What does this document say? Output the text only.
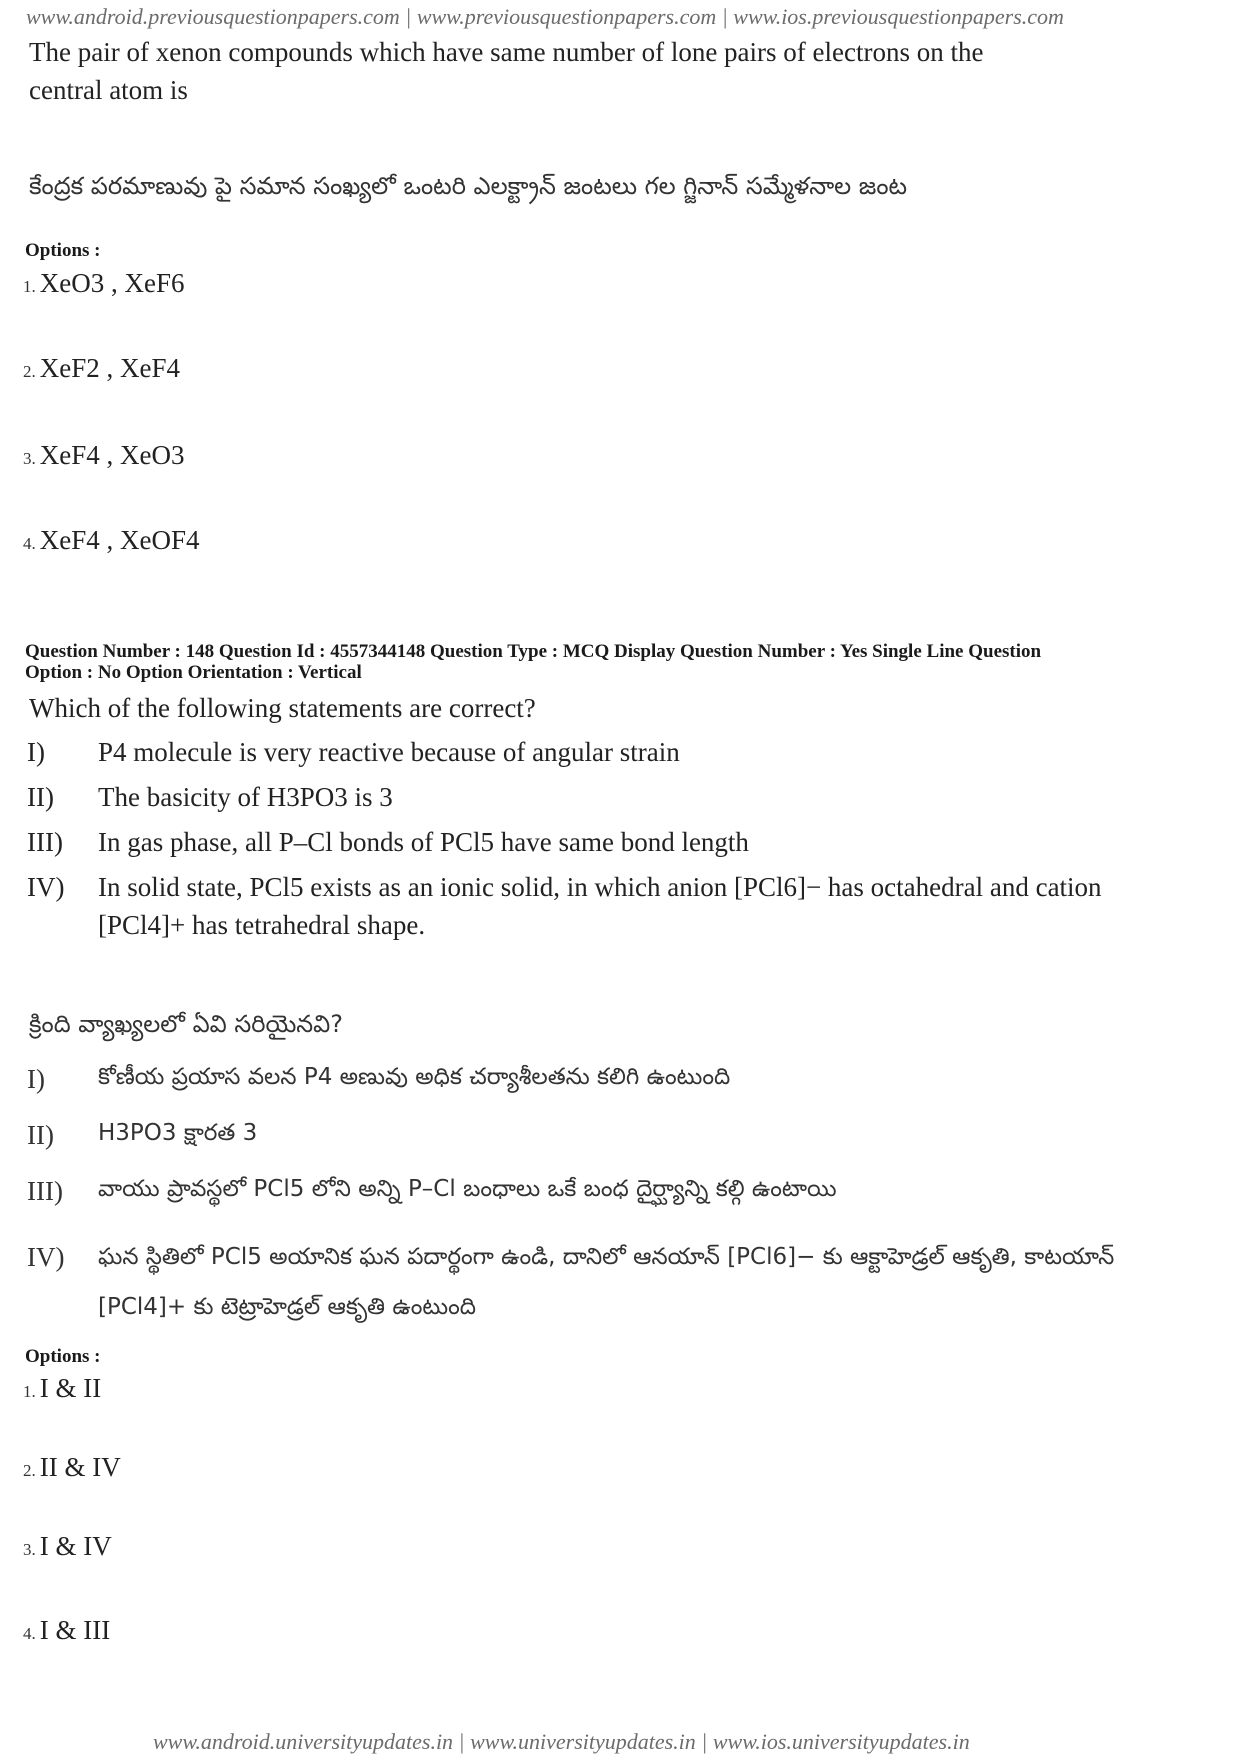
www.android.previousquestionpapers.com | www.previousquestionpapers.com | www.ios.previousquestionpapers.com
The pair of xenon compounds which have same number of lone pairs of electrons on the
central atom is
కేంద్రక పరమాణువు పై సమాన సంఖ్యలో ఒంటరి ఎలక్ట్రాన్ జంటలు గల గ్జినాన్ సమ్మేళనాల జంట
Options :
1. XeO3 , XeF6
2. XeF2 , XeF4
3. XeF4 , XeO3
4. XeF4 , XeOF4
Question Number : 148 Question Id : 4557344148 Question Type : MCQ Display Question Number : Yes Single Line Question
Option : No Option Orientation : Vertical
Which of the following statements are correct?
I) P4 molecule is very reactive because of angular strain
II) The basicity of H3PO3 is 3
III) In gas phase, all P–Cl bonds of PCl5 have same bond length
IV) In solid state, PCl5 exists as an ionic solid, in which anion [PCl6]− has octahedral and cation [PCl4]+ has tetrahedral shape.
క్రింది వ్యాఖ్యలలో ఏవి సరియైనవి?
I) కోణీయ ప్రయాస వలన P4 అణువు అధిక చర్యాశీలతను కలిగి ఉంటుంది
II) H3PO3 క్షారత 3
III) వాయు ప్రావస్థలో PCl5 లోని అన్ని P–Cl బంధాలు ఒకే బంధ దైర్ఘ్యాన్ని కల్గి ఉంటాయి
IV) ఘన స్థితిలో PCl5 అయానిక ఘన పదార్థంగా ఉండి, దానిలో ఆనయాన్ [PCl6]− కు ఆక్టాహెడ్రల్ ఆకృతి, కాటయాన్ [PCl4]+ కు టెట్రాహెడ్రల్ ఆకృతి ఉంటుంది
Options :
1. I & II
2. II & IV
3. I & IV
4. I & III
www.android.universityupdates.in | www.universityupdates.in | www.ios.universityupdates.in
